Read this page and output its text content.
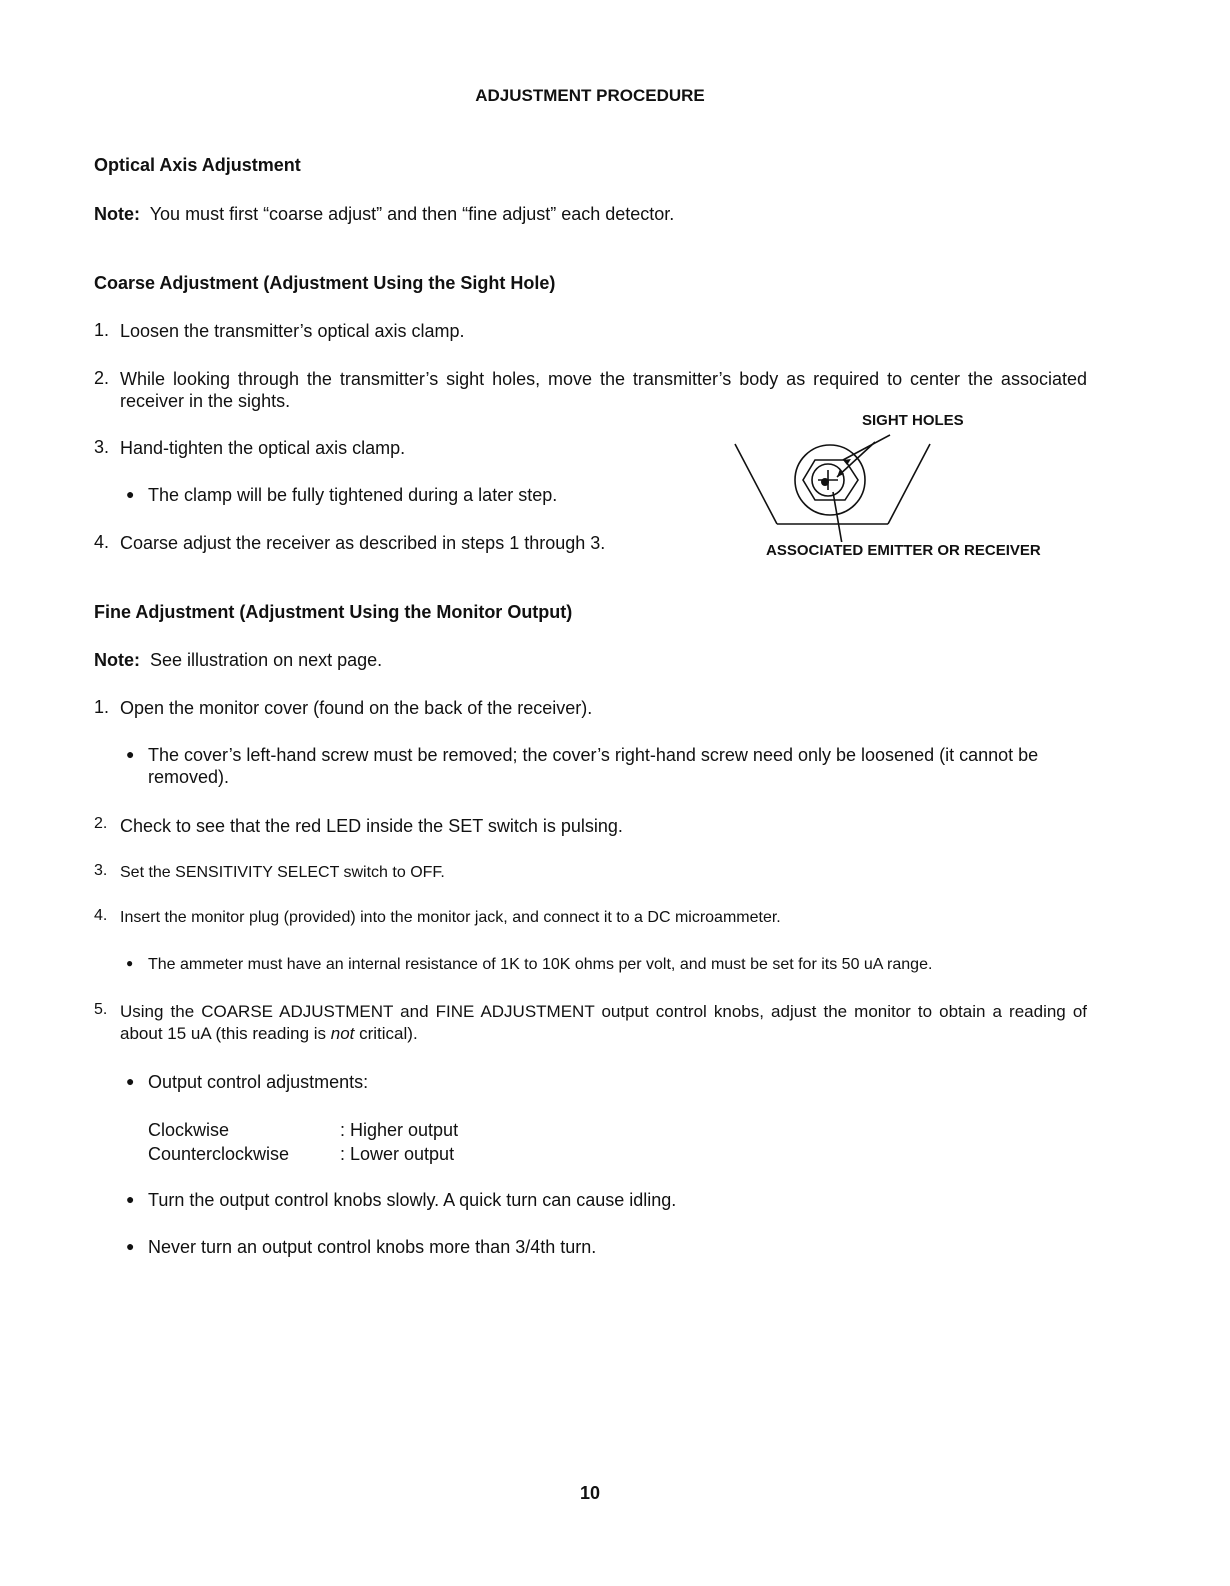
ADJUSTMENT PROCEDURE
Optical Axis Adjustment
Note: You must first “coarse adjust” and then “fine adjust” each detector.
Coarse Adjustment (Adjustment Using the Sight Hole)
1. Loosen the transmitter’s optical axis clamp.
2. While looking through the transmitter’s sight holes, move the transmitter’s body as required to center the associated receiver in the sights.
3. Hand-tighten the optical axis clamp.
● The clamp will be fully tightened during a later step.
4. Coarse adjust the receiver as described in steps 1 through 3.
SIGHT HOLES
ASSOCIATED EMITTER OR RECEIVER
Fine Adjustment (Adjustment Using the Monitor Output)
Note: See illustration on next page.
1. Open the monitor cover (found on the back of the receiver).
● The cover’s left-hand screw must be removed; the cover’s right-hand screw need only be loosened (it cannot be removed).
2. Check to see that the red LED inside the SET switch is pulsing.
3. Set the SENSITIVITY SELECT switch to OFF.
4. Insert the monitor plug (provided) into the monitor jack, and connect it to a DC microammeter.
● The ammeter must have an internal resistance of 1K to 10K ohms per volt, and must be set for its 50 uA range.
5. Using the COARSE ADJUSTMENT and FINE ADJUSTMENT output control knobs, adjust the monitor to obtain a reading of about 15 uA (this reading is not critical).
● Output control adjustments:
Clockwise	: Higher output
Counterclockwise	: Lower output
● Turn the output control knobs slowly. A quick turn can cause idling.
● Never turn an output control knobs more than 3/4th turn.
10
